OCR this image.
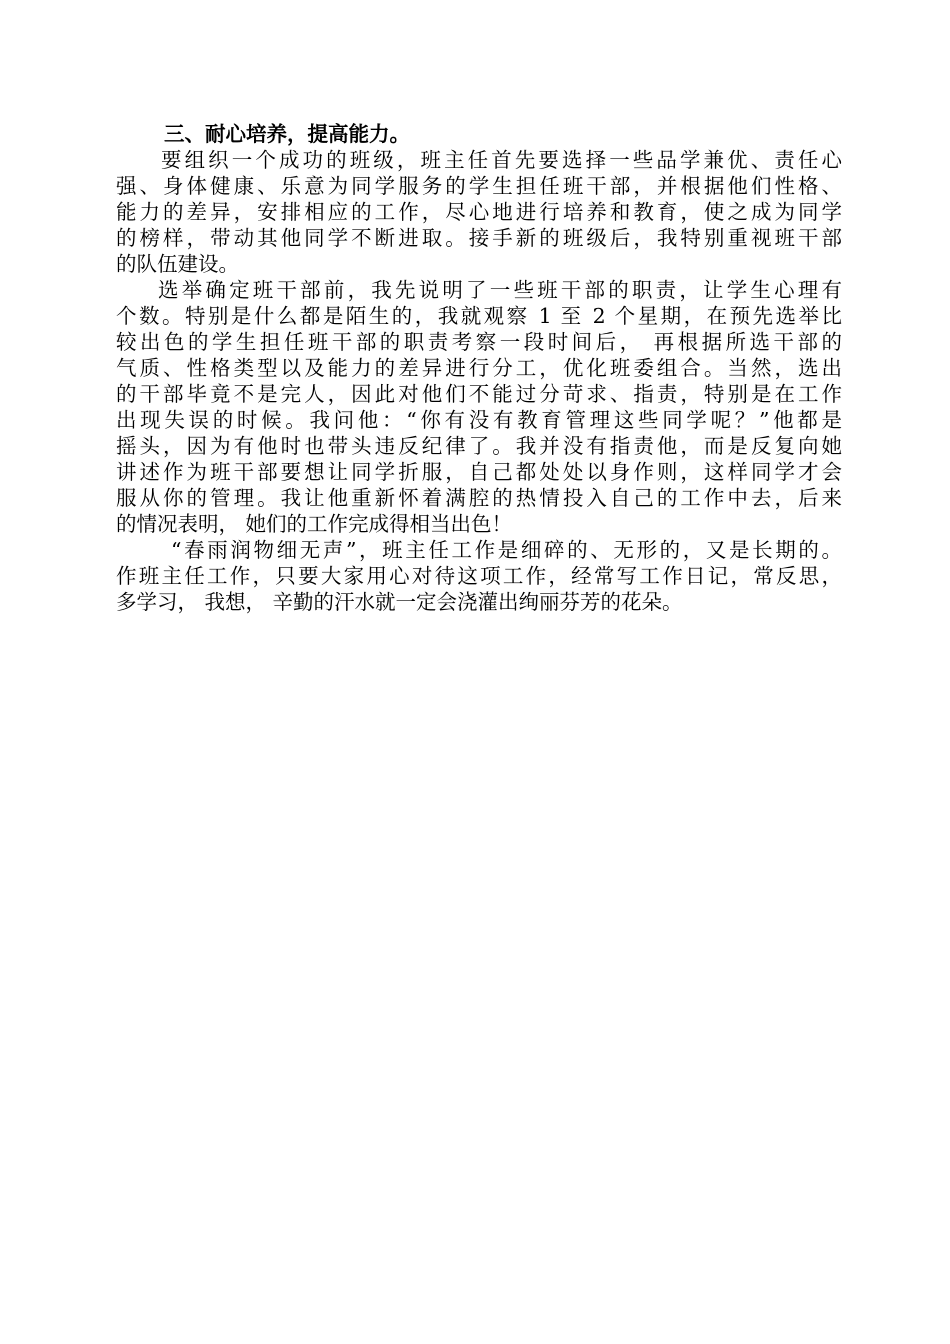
三、耐心培养，提高能力。

要组织一个成功的班级，班主任首先要选择一些品学兼优、责任心
强、身体健康、乐意为同学服务的学生担任班干部，并根据他们性格、
能力的差异，安排相应的工作，尽心地进行培养和教育，使之成为同学
的榜样，带动其他同学不断进取。接手新的班级后，我特别重视班干部
的队伍建设。

选举确定班干部前，我先说明了一些班干部的职责，让学生心理有
个数。特别是什么都是陌生的，我就观察 1 至 2 个星期，在预先选举比
较出色的学生担任班干部的职责考察一段时间后， 再根据所选干部的
气质、性格类型以及能力的差异进行分工，优化班委组合。当然，选出
的干部毕竟不是完人，因此对他们不能过分苛求、指责，特别是在工作
出现失误的时候。我问他：“你有没有教育管理这些同学呢？”他都是
摇头，因为有他时也带头违反纪律了。我并没有指责他，而是反复向她
讲述作为班干部要想让同学折服，自己都处处以身作则，这样同学才会
服从你的管理。我让他重新怀着满腔的热情投入自己的工作中去，后来
的情况表明， 她们的工作完成得相当出色！

“春雨润物细无声”，班主任工作是细碎的、无形的，又是长期的。
作班主任工作，只要大家用心对待这项工作，经常写工作日记，常反思，
多学习， 我想， 辛勤的汗水就一定会浇灌出绚丽芬芳的花朵。
